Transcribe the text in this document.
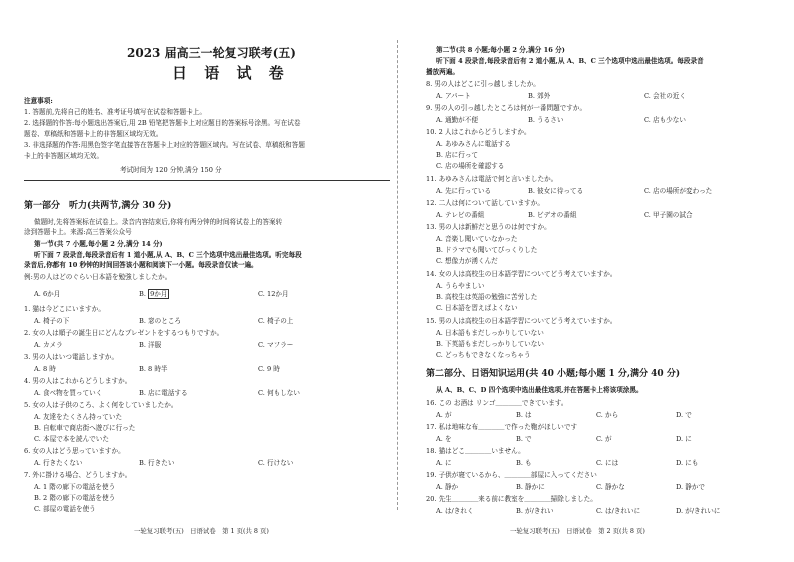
2023 届高三一轮复习联考(五)
日 语 试 卷
注意事项:
1. 答题前,先将自己的姓名、准考证号填写在试卷和答题卡上。
2. 选择题的作答:每小题选出答案后,用 2B 铅笔把答题卡上对应题目的答案标号涂黑。写在试卷
题卷、草稿纸和答题卡上的非答题区域均无效。
3. 非选择题的作答:用黑色签字笔直接答在答题卡上对应的答题区域内。写在试卷、草稿纸和答题
卡上的非答题区域均无效。
考试时间为 120 分钟,满分 150 分
第一部分　听力(共两节,满分 30 分)
做题时,先将答案标在试卷上。录音内容结束后,你将有两分钟的时间将试卷上的答案转
涂到答题卡上。来源:高三答案公众号
第一节(共 7 小题,每小题 2 分,满分 14 分)
听下面 7 段录音,每段录音后有 1 道小题,从 A、B、C 三个选项中选出最佳选项。听完每段
录音后,你都有 10 秒钟的时间回答该小题和阅读下一小题。每段录音仅读一遍。
例:男の人はどのぐらい日本語を勉強しましたか。
A. 6か月	B. 9か月	C. 12か月
1. 猫は今どこにいますか。
A. 椅子の下	B. 窓のところ	C. 椅子の上
2. 女の人は順子の誕生日にどんなプレゼントをするつもりですか。
A. カメラ	B. 洋服	C. マフラー
3. 男の人はいつ電話しますか。
A. 8 時	B. 8 時半	C. 9 時
4. 男の人はこれからどうしますか。
A. 食べ物を買っていく	B. 店に電話する	C. 何もしない
5. 女の人は子供のころ、よく何をしていましたか。
A. 友達をたくさん持っていた
B. 自転車で商店街へ遊びに行った
C. 本屋で本を読んでいた
6. 女の人はどう思っていますか。
A. 行きたくない	B. 行きたい	C. 行けない
7. 外に掛ける場合、どうしますか。
A. 1 階の廊下の電話を使う
B. 2 階の廊下の電話を使う
C. 部屋の電話を使う
一轮复习联考(五)　日语试卷　第 1 页(共 8 页)
第二节(共 8 小题;每小题 2 分,满分 16 分)
听下面 4 段录音,每段录音后有 2 道小题,从 A、B、C 三个选项中选出最佳选项。每段录音
播放两遍。
8. 男の人はどこに引っ越しましたか。
A. アパート	B. 郊外	C. 会社の近く
9. 男の人の引っ越したところは何が一番問題ですか。
A. 通勤が不便	B. うるさい	C. 店も少ない
10. 2 人はこれからどうしますか。
A. あゆみさんに電話する
B. 店に行って
C. 店の場所を確認する
11. あゆみさんは電話で何と言いましたか。
A. 先に行っている	B. 彼女に待ってる	C. 店の場所が変わった
12. 二人は何について話していますか。
A. テレビの番組	B. ビデオの番組	C. 甲子園の試合
13. 男の人は新鮮だと思うのは何ですか。
A. 音楽し聞いていなかった
B. ドラマでも聞いてびっくりした
C. 想像力が湧くんだ
14. 女の人は高校生の日本語学習についてどう考えていますか。
A. うらやましい
B. 高校生は英語の勉強に苦労した
C. 日本語を習えばよくない
15. 男の人は高校生の日本語学習についてどう考えていますか。
A. 日本語もまだしっかりしていない
B. 下英語もまだしっかりしていない
C. どっちもできなくなっちゃう
第二部分、日语知识运用(共 40 小题;每小题 1 分,满分 40 分)
从 A、B、C、D 四个选项中选出最佳选项,并在答题卡上将该项涂黑。
16. この お酒は リンゴ＿＿＿＿できています。
A. が	B. は	C. から	D. で
17. 私は地味な布＿＿＿＿で作った鞄がほしいです
A. を	B. で	C. が	D. に
18. 猫はどこ＿＿＿＿いません。
A. に	B. も	C. には	D. にも
19. 子供が寝ているから、＿＿＿＿部屋に入ってください
A. 静か	B. 静かに	C. 静かな	D. 静かで
20. 先生＿＿＿＿来る前に教室を＿＿＿＿掃除しました。
A. は/きれく	B. が/きれい	C. は/きれいに	D. が/きれいに
一轮复习联考(五)　日语试卷　第 2 页(共 8 页)
